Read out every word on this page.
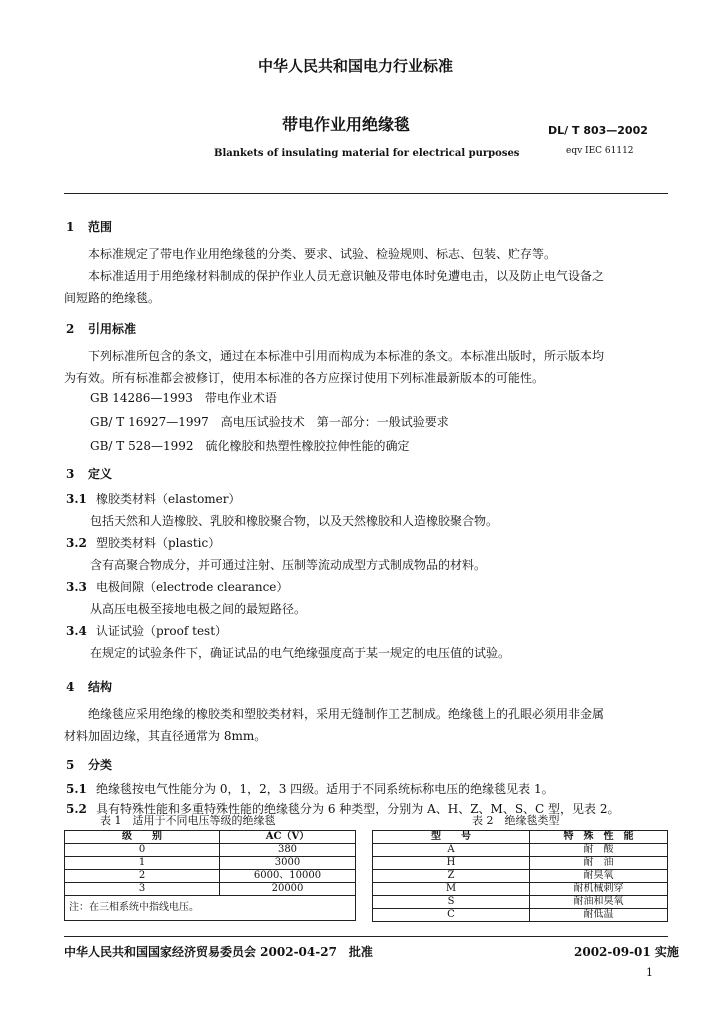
中华人民共和国电力行业标准
带电作业用绝缘毯	DL/ T 803—2002
Blankets of insulating material for electrical purposes	eqv IEC 61112
1 范围
本标准规定了带电作业用绝缘毯的分类、要求、试验、检验规则、标志、包装、贮存等。
本标准适用于用绝缘材料制成的保护作业人员无意识触及带电体时免遭电击，以及防止电气设备之
间短路的绝缘毯。
2 引用标准
下列标准所包含的条文，通过在本标准中引用而构成为本标准的条文。本标准出版时，所示版本均
为有效。所有标准都会被修订，使用本标准的各方应探讨使用下列标准最新版本的可能性。
GB 14286—1993　带电作业术语
GB/ T 16927—1997　高电压试验技术　第一部分：一般试验要求
GB/ T 528—1992　硫化橡胶和热塑性橡胶拉伸性能的确定
3 定义
3.1 橡胶类材料（elastomer）
包括天然和人造橡胶、乳胶和橡胶聚合物，以及天然橡胶和人造橡胶聚合物。
3.2 塑胶类材料（plastic）
含有高聚合物成分，并可通过注射、压制等流动成型方式制成物品的材料。
3.3 电极间隙（electrode clearance）
从高压电极至接地电极之间的最短路径。
3.4 认证试验（proof test）
在规定的试验条件下，确证试品的电气绝缘强度高于某一规定的电压值的试验。
4 结构
绝缘毯应采用绝缘的橡胶类和塑胶类材料，采用无缝制作工艺制成。绝缘毯上的孔眼必须用非金属
材料加固边缘，其直径通常为 8mm。
5 分类
5.1 绝缘毯按电气性能分为 0，1，2，3 四级。适用于不同系统标称电压的绝缘毯见表 1。
5.2 具有特殊性能和多重特殊性能的绝缘毯分为 6 种类型，分别为 A、H、Z、M、S、C 型，见表 2。
表 1　适用于不同电压等级的绝缘毯	表 2　绝缘毯类型
级　　别	AC（V）
0	380
1	3000
2	6000、10000
3	20000
注：在三相系统中指线电压。	
型　　号	特　殊　性　能
A	耐　酸
H	耐　油
Z	耐臭氧
M	耐机械刺穿
S	耐油和臭氧
C	耐低温
中华人民共和国国家经济贸易委员会 2002-04-27　批准	2002-09-01 实施
1
